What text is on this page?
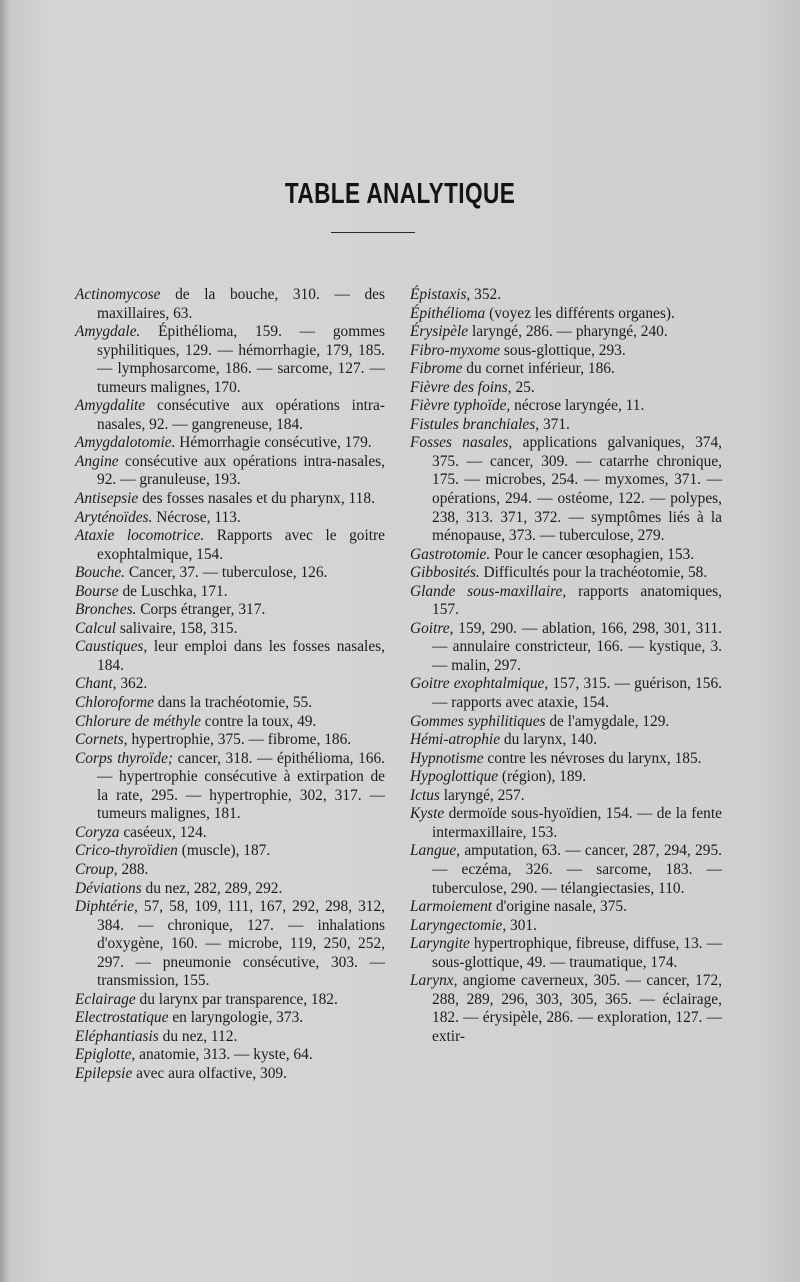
TABLE ANALYTIQUE
Actinomycose de la bouche, 310. — des maxillaires, 63.
Amygdale. Épithélioma, 159. — gommes syphilitiques, 129. — hémorrhagie, 179, 185. — lymphosarcome, 186. — sarcome, 127. — tumeurs malignes, 170.
Amygdalite consécutive aux opérations intra-nasales, 92. — gangreneuse, 184.
Amygdalotomie. Hémorrhagie consécutive, 179.
Angine consécutive aux opérations intra-nasales, 92. — granuleuse, 193.
Antisepsie des fosses nasales et du pharynx, 118.
Aryténoïdes. Nécrose, 113.
Ataxie locomotrice. Rapports avec le goitre exophtalmique, 154.
Bouche. Cancer, 37. — tuberculose, 126.
Bourse de Luschka, 171.
Bronches. Corps étranger, 317.
Calcul salivaire, 158, 315.
Caustiques, leur emploi dans les fosses nasales, 184.
Chant, 362.
Chloroforme dans la trachéotomie, 55.
Chlorure de méthyle contre la toux, 49.
Cornets, hypertrophie, 375. — fibrome, 186.
Corps thyroïde; cancer, 318. — épithélioma, 166. — hypertrophie consécutive à extirpation de la rate, 295. — hypertrophie, 302, 317. — tumeurs malignes, 181.
Coryza caséeux, 124.
Crico-thyroïdien (muscle), 187.
Croup, 288.
Déviations du nez, 282, 289, 292.
Diphtérie, 57, 58, 109, 111, 167, 292, 298, 312, 384. — chronique, 127. — inhalations d'oxygène, 160. — microbe, 119, 250, 252, 297. — pneumonie consécutive, 303. — transmission, 155.
Eclairage du larynx par transparence, 182.
Electrostatique en laryngologie, 373.
Eléphantiasis du nez, 112.
Epiglotte, anatomie, 313. — kyste, 64.
Epilepsie avec aura olfactive, 309.
Épistaxis, 352.
Épithélioma (voyez les différents organes).
Érysipèle laryngé, 286. — pharyngé, 240.
Fibro-myxome sous-glottique, 293.
Fibrome du cornet inférieur, 186.
Fièvre des foins, 25.
Fièvre typhoïde, nécrose laryngée, 11.
Fistules branchiales, 371.
Fosses nasales, applications galvaniques, 374, 375. — cancer, 309. — catarrhe chronique, 175. — microbes, 254. — myxomes, 371. — opérations, 294. — ostéome, 122. — polypes, 238, 313. 371, 372. — symptômes liés à la ménopause, 373. — tuberculose, 279.
Gastrotomie. Pour le cancer œsophagien, 153.
Gibbosités. Difficultés pour la trachéotomie, 58.
Glande sous-maxillaire, rapports anatomiques, 157.
Goitre, 159, 290. — ablation, 166, 298, 301, 311. — annulaire constricteur, 166. — kystique, 3. — malin, 297.
Goitre exophtalmique, 157, 315. — guérison, 156. — rapports avec ataxie, 154.
Gommes syphilitiques de l'amygdale, 129.
Hémi-atrophie du larynx, 140.
Hypnotisme contre les névroses du larynx, 185.
Hypoglottique (région), 189.
Ictus laryngé, 257.
Kyste dermoïde sous-hyoïdien, 154. — de la fente intermaxillaire, 153.
Langue, amputation, 63. — cancer, 287, 294, 295. — eczéma, 326. — sarcome, 183. — tuberculose, 290. — télangiectasies, 110.
Larmoiement d'origine nasale, 375.
Laryngectomie, 301.
Laryngite hypertrophique, fibreuse, diffuse, 13. — sous-glottique, 49. — traumatique, 174.
Larynx, angiome caverneux, 305. — cancer, 172, 288, 289, 296, 303, 305, 365. — éclairage, 182. — érysipèle, 286. — exploration, 127. — extir-
